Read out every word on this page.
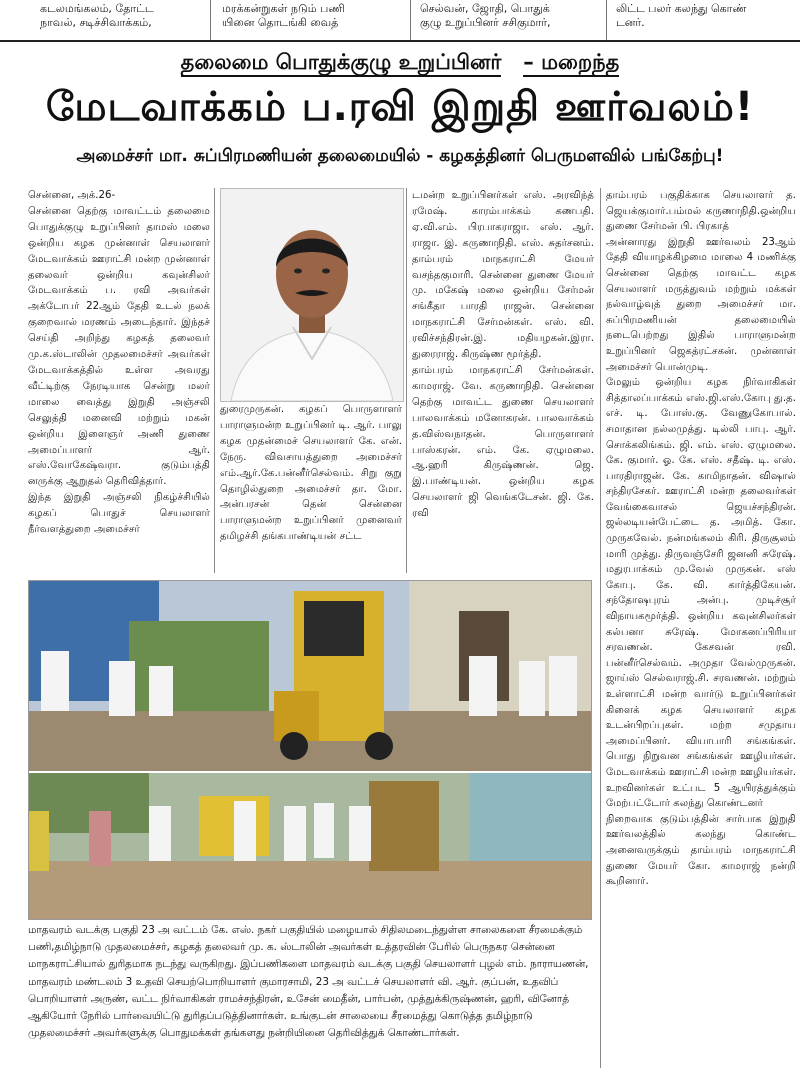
கடலமங்கலம், தோட்ட
நாவல், சடிச்சிவாக்கம்,
மரக்கன்றுகள் நடும் பணி
யினை தொடங்கி வைத்
செல்வன், ஜோதி, பொதுக்
குழு உறுப்பினர் சசிகுமார்,
லிட்ட பலர் கலந்து கொண்
டனர்.
தலைமை பொதுக்குழு உறுப்பினர் – மறைந்த
மேடவாக்கம் ப.ரவி இறுதி ஊர்வலம்!
அமைச்சர் மா. சுப்பிரமணியன் தலைமையில் - கழகத்தினர் பெருமளவில் பங்கேற்பு!
சென்னை, அக்.26-
சென்னை தெற்கு மாவட்டம் தலைமை பொதுக்குழு உறுப்பினர் தாமஸ் மலை ஒன்றிய கழக முன்னாள் செயலாளர் மேடவாக்கம் ஊராட்சி மன்ற முன்னாள் தலைவர் ஒன்றிய கவுன்சிலர் மேடவாக்கம் ப. ரவி அவர்கள் அக்டோபர் 22ஆம் தேதி உடல் நலக் குறைவால் மரணம் அடைந்தார். இந்தச் செய்தி அறிந்து கழகத் தலைவர் மு.க.ஸ்டாலின் முதலமைச்சர் அவர்கள் மேடவாக்கத்தில் உள்ள அவரது வீட்டிற்கு நேரடியாக சென்று மலர் மாலை வைத்து இறுதி அஞ்சலி செலுத்தி மனைவி மற்றும் மகன் ஒன்றிய இளைஞர் அணி துணை அமைப்பாளர் ஆர். எஸ்.வோகேஷ்வரா. குடும்பத்தி னருக்கு ஆறுதல் தெரிவித்தார்.
இந்த இறுதி அஞ்சலி நிகழ்ச்சியில் கழகப் பொதுச் செயலாளர் நீர்வளத்துறை அமைச்சர்
துரைமுருகன். கழகப் பொருளாளர் பாராளுமன்ற உறுப்பினர் டி. ஆர். பாலு கழக முதன்மைச் செயலாளர் கே. என். நேரு. விவசாயத்துறை அமைச்சர் எம்.ஆர்.கே.பன்னீர்செல்வம். சிறு குறு தொழில்துறை அமைச்சர் தா. மோ. அன்பரசன் தென் சென்னை பாராளுமன்ற உறுப்பினர் முனைவர் தமிழச்சி தங்கபாண்டியன் சட்ட
டமன்ற உறுப்பினர்கள் எஸ். அரவிந்த் ரமேஷ். காரம்பாக்கம் கணபதி. ஏ.வி.எம். பிரபாகராஜா. எஸ். ஆர். ராஜா. இ. கருணாநிதி. எஸ். சுதர்சனம். தாம்பரம் மாநகராட்சி மேயர் வசந்தகுமாரி. சென்னை துணை மேயர் மு. மகேஷ் மலை ஒன்றிய சேர்மன் சங்கீதா பாரதி ராஜன். சென்னை மாநகராட்சி சேர்மன்கள். எஸ். வி. ரவிச்சந்திரன்.இ. மதியழகன்.இரா. துரைராஜ். கிருஷ்ண மூர்த்தி.
தாம்பரம் மாநகராட்சி சேர்மன்கள். காமராஜ். வே. கருணாநிதி. சென்னை தெற்கு மாவட்ட துணை செயலாளர் பாலவாக்கம் மனோகரன். பாலவாக்கம் த.விஸ்வநாதன். பொருளாளர் பாஸ்கரன். எம். கே. ஏழுமலை. ஆ.ஹரி கிருஷ்ணன். ஜெ. இ.பாண்டியன். ஒன்றிய கழக செயலாளர் ஜி வெங்கடேசன். ஜி. கே. ரவி
தாம்பரம் பகுதிக்காக செயலாளர் த. ஜெயக்குமார்.பம்மல் கருணாநிதி.ஒன்றிய துணை சேர்மன் பி. பிரகாத்
அன்னாரது இறுதி ஊர்வலம் 23ஆம் தேதி வியாழக்கிழமை மாலை 4 மணிக்கு சென்னை தெற்கு மாவட்ட கழக செயலாளர் மருத்துவம் மற்றும் மக்கள் நல்வாழ்வுத் துறை அமைச்சர் மா. சுப்பிரமணியன் தலைமையில் நடைபெற்றது இதில் பாராளுமன்ற உறுப்பினர் ஜெகத்ரட்சகன். முன்னாள் அமைச்சர் பொன்முடி.
மேலும் ஒன்றிய கழக நிர்வாகிகள் சித்தாலப்பாக்கம் எஸ்.ஜி.எஸ்.கோபு து.த. எச். டி. போஸ்.கு. வேணுகோபால். சமாதான நல்லமுத்து. டில்லி பாபு. ஆர். சொக்கலிங்கம். ஜி. எம். எஸ். ஏழுமலை. கே. குமார். ஓ. கே. எஸ். சதீஷ். டி. எஸ். பாரதிராஜன். கே. காமிநாதன். விஷால் சந்திரசேகர். ஊராட்சி மன்ற தலைவர்கள் வேங்கைவாசல் ஜெயச்சந்திரன். ஜல்லடியன்பேட்டை த. அமித். கோ. முருகவேல். நன்மங்கலம் கிரி. திருசூலம் மாரி முத்து. திருவஞ்சேரி ஜனனி சுரேஷ். மதுரபாக்கம் மு.வேல் முருகன். எஸ் கோபு. கே. வி. கார்த்திகேயன். சந்தோஷபுரம் அன்பு. முடிச்சூர் விநாயகமூர்த்தி. ஒன்றிய கவுன்சிலர்கள் கல்பனா சுரேஷ். மோகனப்பிரியா சரவணன். கேசவன் ரவி. பன்னீர்செல்வம். அமுதா வேல்முருகன். ஜாய்ஸ் செல்வராஜ்.சி. சரவணன். மற்றும் உள்ளாட்சி மன்ற வார்டு உறுப்பினர்கள் கிளைக் கழக செயலாளர் கழக உடன்பிறப்புகள். மற்ற சமுதாய அமைப்பினர். வியாபாரி சங்கங்கள். பொது நிறுவன சங்கங்கள் ஊழியர்கள். மேடவாக்கம் ஊராட்சி மன்ற ஊழியர்கள். உறவினர்கள் உட்பட 5 ஆயிரத்துக்கும் மேற்பட்டோர் கலந்து கொண்டனர்
நிறைவாக குடும்பத்தின் சார்பாக இறுதி ஊர்வலத்தில் கலந்து கொண்ட அனைவருக்கும் தாம்பரம் மாநகராட்சி துணை மேயர் கோ. காமராஜ் நன்றி கூறினார்.
மாதவரம் வடக்கு பகுதி 23 அ வட்டம் கே. எஸ். நகர் பகுதியில் மழையால் சிதிலமடைந்துள்ள சாலைகளை சீரமைக்கும் பணி,தமிழ்நாடு முதலமைச்சர், கழகத் தலைவர் மு. க. ஸ்டாலின் அவர்கள் உத்தரவின் பேரில் பெருநகர சென்னை மாநகராட்சியால் துரிதமாக நடந்து வருகிறது. இப்பணிகளை மாதவரம் வடக்கு பகுதி செயலாளர் புழல் எம். நாராயணன், மாதவரம் மண்டலம் 3 உதவி செயற்பொறியாளர் குமாரசாமி, 23 அ வட்டச் செயலாளர் வி. ஆர். குப்பன், உதவிப் பொறியாளர் அருண், வட்ட நிர்வாகிகள் ராமச்சந்திரன், உசேன் மைதீன், பார்பன், முத்துக்கிருஷ்ணன், ஹரி, வினோத் ஆகியோர் நேரில் பார்வையிட்டு துரிதப்படுத்தினார்கள். உங்குடன் சாலையை சீரமைத்து கொடுத்த தமிழ்நாடு முதலமைச்சர் அவர்களுக்கு பொதுமக்கள் தங்களது நன்றியினை தெரிவித்துக் கொண்டார்கள்.
